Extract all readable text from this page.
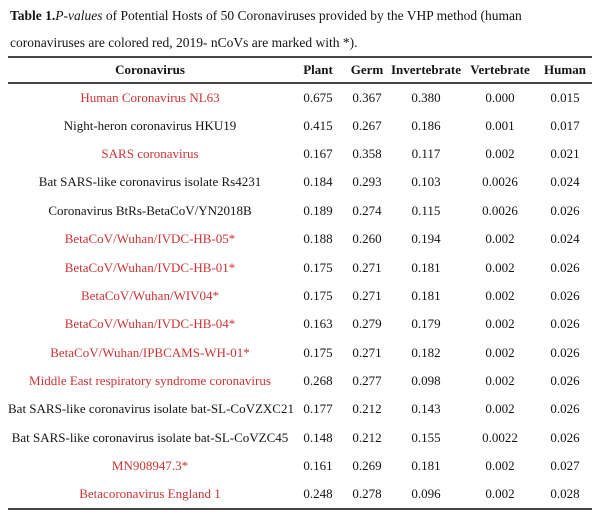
Table 1.P-values of Potential Hosts of 50 Coronaviruses provided by the VHP method (human
coronaviruses are colored red, 2019- nCoVs are marked with *).
Coronavirus	Plant	Germ	Invertebrate	Vertebrate	Human
Human Coronavirus NL63	0.675	0.367	0.380	0.000	0.015
Night-heron coronavirus HKU19	0.415	0.267	0.186	0.001	0.017
SARS coronavirus	0.167	0.358	0.117	0.002	0.021
Bat SARS-like coronavirus isolate Rs4231	0.184	0.293	0.103	0.0026	0.024
Coronavirus BtRs-BetaCoV/YN2018B	0.189	0.274	0.115	0.0026	0.026
BetaCoV/Wuhan/IVDC-HB-05*	0.188	0.260	0.194	0.002	0.024
BetaCoV/Wuhan/IVDC-HB-01*	0.175	0.271	0.181	0.002	0.026
BetaCoV/Wuhan/WIV04*	0.175	0.271	0.181	0.002	0.026
BetaCoV/Wuhan/IVDC-HB-04*	0.163	0.279	0.179	0.002	0.026
BetaCoV/Wuhan/IPBCAMS-WH-01*	0.175	0.271	0.182	0.002	0.026
Middle East respiratory syndrome coronavirus	0.268	0.277	0.098	0.002	0.026
Bat SARS-like coronavirus isolate bat-SL-CoVZXC21	0.177	0.212	0.143	0.002	0.026
Bat SARS-like coronavirus isolate bat-SL-CoVZC45	0.148	0.212	0.155	0.0022	0.026
MN908947.3*	0.161	0.269	0.181	0.002	0.027
Betacoronavirus England 1	0.248	0.278	0.096	0.002	0.028
